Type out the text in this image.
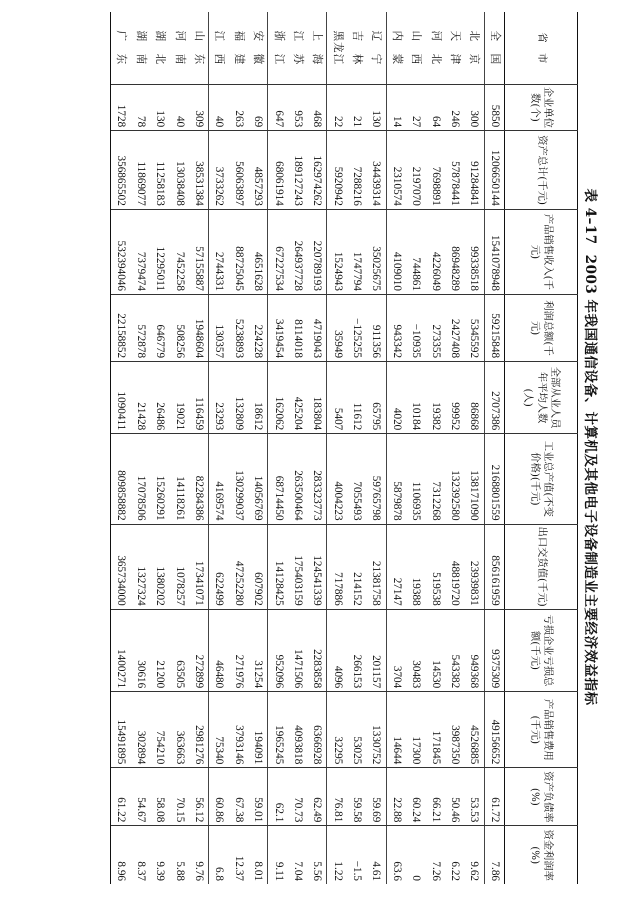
表 4–172003 年我国通信设备、计算机及其他电子设备制造业主要经济效益指标
省　市	企业单位数(个)	资产总计(千元)	产品销售收入(千元)	利润总额(千元)	全部从业人员年平均人数(人)	工业总产值(不变价格)(千元)	出口交货值(千元)	亏损企业亏损总额(千元)	产品销售费用(千元)	资产负债率(%)	资金利润率(%)
全　国	5850	1206650144	1541078948	59215848	2707386	2168801559	856161959	9375309	49156652	61.72	7.86
北　京	300	91284841	99338518	5345592	86868	138171090	23939831	949368	4526885	53.53	9.62
天　津	246	57878441	86948289	2427408	99952	132392580	48819720	543382	3987350	50.46	6.22
河　北	64	7698891	4226049	273355	19382	7312268	519538	14530	171845	66.21	7.26
山　西	27	2197070	744861	−10935	10184	1106935	19388	30483	17300	60.24	0
内　蒙	14	2310574	4109010	943342	4020	5879878	27147	3704	14644	22.88	63.6
辽　宁	130	34439314	35025675	911356	65795	59765798	21381758	201157	1330752	59.69	4.61
吉　林	21	7288216	1747794	−125255	11612	7055493	214152	266153	53025	59.58	−1.5
黑龙江	22	5920942	1524943	35949	5407	4004223	717886	4096	32295	76.81	1.22
上　海	468	162974262	220789193	4719043	183804	283323773	124541339	2283858	6366928	62.49	5.56
江　苏	953	189127243	264937728	8114018	425204	263500464	175403159	1471506	4093818	70.73	7.04
浙　江	647	68061914	67227534	3419454	162062	68714450	14128425	952096	1965245	62.1	9.11
安　徽	69	4857293	4651628	224228	18612	14056769	607902	31254	194091	59.01	8.01
福　建	263	56063897	88725045	5238893	132809	130299037	47252280	271976	3793146	67.38	12.37
江　西	40	3733262	2744331	130357	23293	4169574	622499	46480	75340	60.86	6.8
山　东	309	38531384	57155887	1948604	116459	82284386	17341071	272899	2981276	56.12	9.76
河　南	40	13038408	7452258	508256	19021	14118261	1078257	63505	363663	70.15	5.88
湖　北	130	11258183	12295011	646779	26486	15260291	1380202	21200	754210	58.08	9.39
湖　南	78	11869077	7379474	572878	21428	17078506	1327324	30616	302894	54.67	8.37
广　东	1728	356865502	532394046	22158852	1090411	809858882	365734000	1400271	15491895	61.22	8.96
